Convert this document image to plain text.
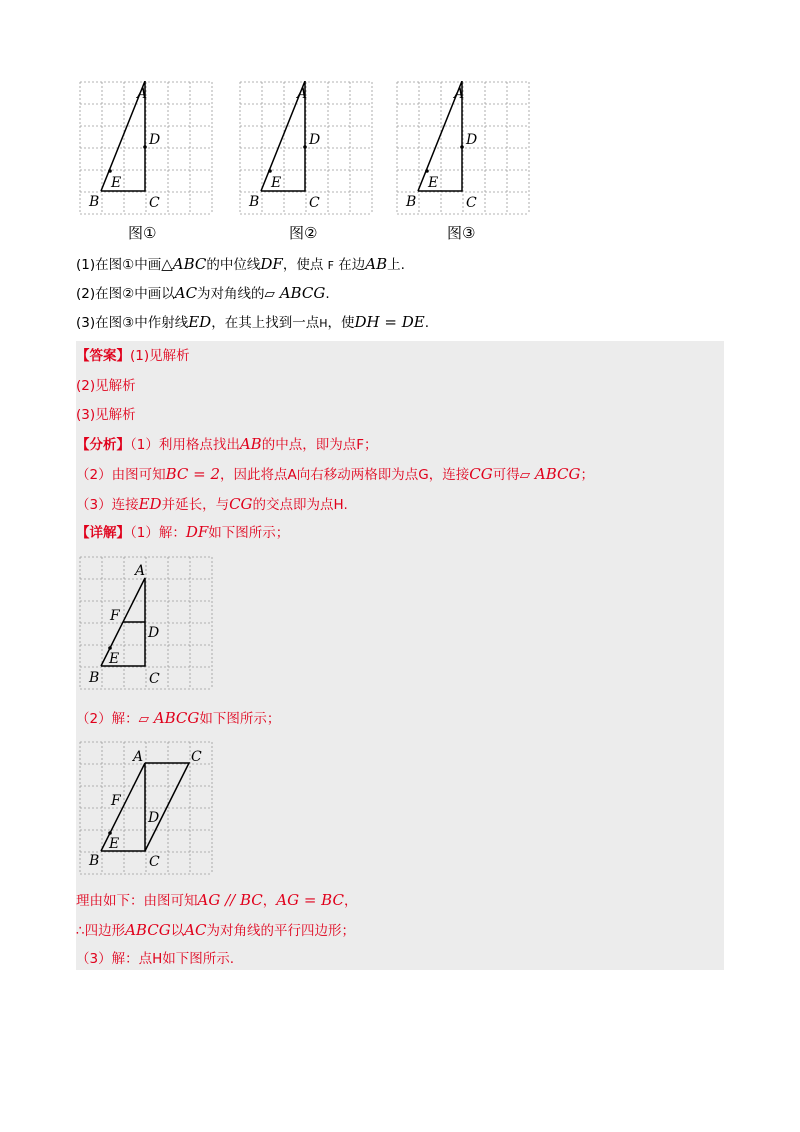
A
D
E
B	C
A
D
E
B	C
A
D
E
B	C
图①	图②	图③
(1)在图①中画△ABC的中位线DF，使点 F 在边AB上.
(2)在图②中画以AC为对角线的▱ ABCG.
(3)在图③中作射线ED，在其上找到一点H，使DH = DE.
【答案】(1)见解析
(2)见解析
(3)见解析
【分析】（1）利用格点找出AB的中点，即为点F；
（2）由图可知BC = 2，因此将点A向右移动两格即为点G，连接CG可得▱ ABCG；
（3）连接ED并延长，与CG的交点即为点H.
【详解】（1）解：DF如下图所示；
A
F
D
E
B	C
（2）解：▱ ABCG如下图所示；
A	C
F
D
E
B	C
理由如下：由图可知AG // BC，AG = BC，
∴四边形ABCG以AC为对角线的平行四边形；
（3）解：点H如下图所示.
